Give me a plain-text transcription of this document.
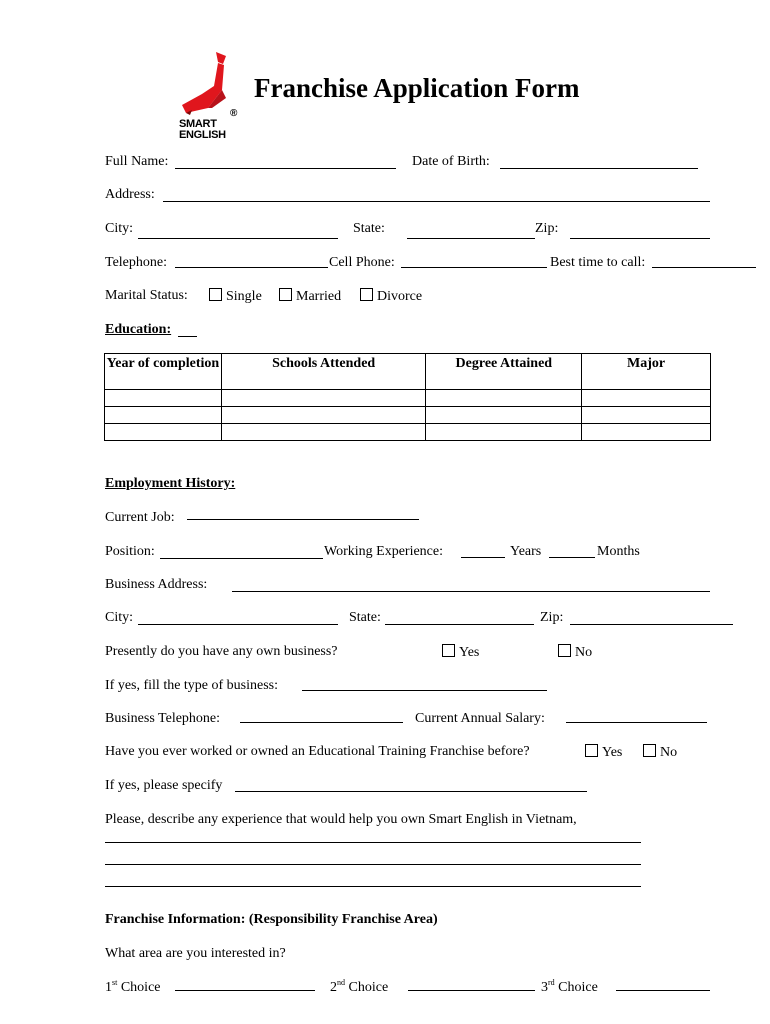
®
SMART
ENGLISH
Franchise Application Form
Full Name:	Date of Birth:
Address:
City:	State:	Zip:
Telephone:	Cell Phone:	Best time to call:
Marital Status:	Single	Married	Divorce
Education:
Year of completion	Schools Attended	Degree Attained	Major

Employment History:
Current Job:
Position:	Working Experience:	Years	Months
Business Address:
City:	State:	Zip:
Presently do you have any own business?	Yes	No
If yes, fill the type of business:
Business Telephone:	Current Annual Salary:
Have you ever worked or owned an Educational Training Franchise before?	Yes	No
If yes, please specify
Please, describe any experience that would help you own Smart English in Vietnam,
Franchise Information: (Responsibility Franchise Area)
What area are you interested in?
1st Choice	2nd Choice	3rd Choice
